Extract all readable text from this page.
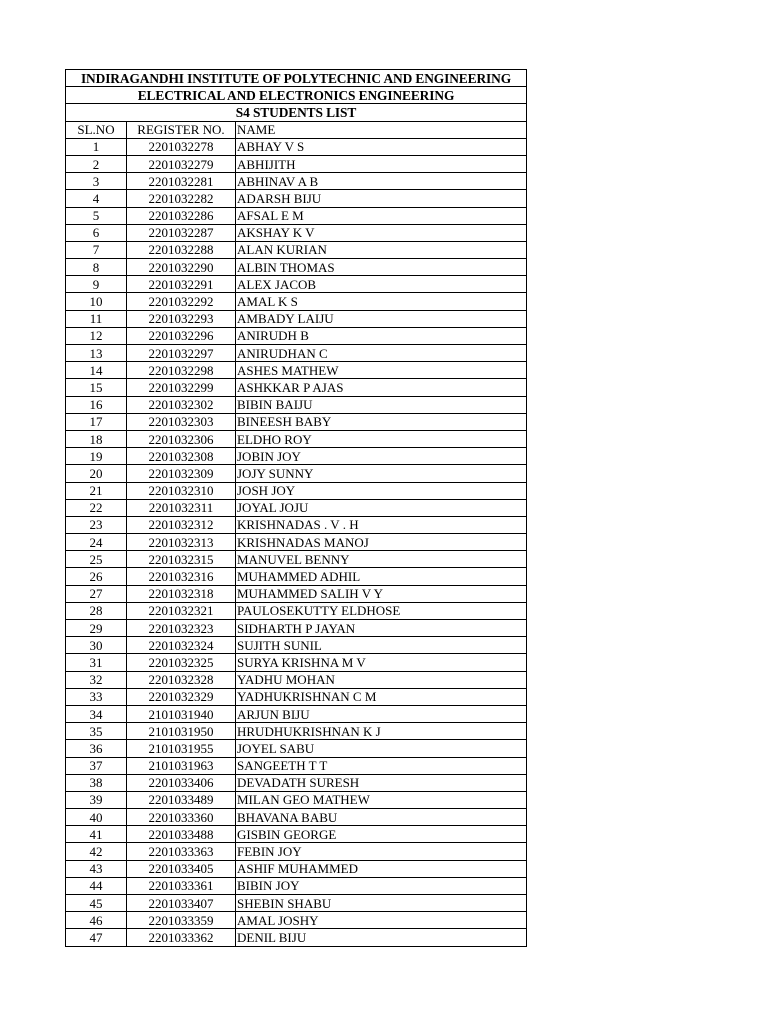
INDIRAGANDHI INSTITUTE OF POLYTECHNIC AND ENGINEERING		
ELECTRICAL AND ELECTRONICS ENGINEERING		
S4 STUDENTS LIST		
SL.NO	REGISTER NO.	NAME
1	2201032278	ABHAY V S
2	2201032279	ABHIJITH
3	2201032281	ABHINAV A B
4	2201032282	ADARSH BIJU
5	2201032286	AFSAL E M
6	2201032287	AKSHAY K V
7	2201032288	ALAN KURIAN
8	2201032290	ALBIN THOMAS
9	2201032291	ALEX JACOB
10	2201032292	AMAL K S
11	2201032293	AMBADY LAIJU
12	2201032296	ANIRUDH B
13	2201032297	ANIRUDHAN C
14	2201032298	ASHES MATHEW
15	2201032299	ASHKKAR P AJAS
16	2201032302	BIBIN BAIJU
17	2201032303	BINEESH BABY
18	2201032306	ELDHO ROY
19	2201032308	JOBIN JOY
20	2201032309	JOJY SUNNY
21	2201032310	JOSH JOY
22	2201032311	JOYAL JOJU
23	2201032312	KRISHNADAS . V . H
24	2201032313	KRISHNADAS MANOJ
25	2201032315	MANUVEL BENNY
26	2201032316	MUHAMMED ADHIL
27	2201032318	MUHAMMED SALIH V Y
28	2201032321	PAULOSEKUTTY ELDHOSE
29	2201032323	SIDHARTH P JAYAN
30	2201032324	SUJITH SUNIL
31	2201032325	SURYA KRISHNA M V
32	2201032328	YADHU MOHAN
33	2201032329	YADHUKRISHNAN C M
34	2101031940	ARJUN BIJU
35	2101031950	HRUDHUKRISHNAN K J
36	2101031955	JOYEL SABU
37	2101031963	SANGEETH T T
38	2201033406	DEVADATH SURESH
39	2201033489	MILAN GEO MATHEW
40	2201033360	BHAVANA BABU
41	2201033488	GISBIN GEORGE
42	2201033363	FEBIN JOY
43	2201033405	ASHIF MUHAMMED
44	2201033361	BIBIN JOY
45	2201033407	SHEBIN SHABU
46	2201033359	AMAL JOSHY
47	2201033362	DENIL BIJU
